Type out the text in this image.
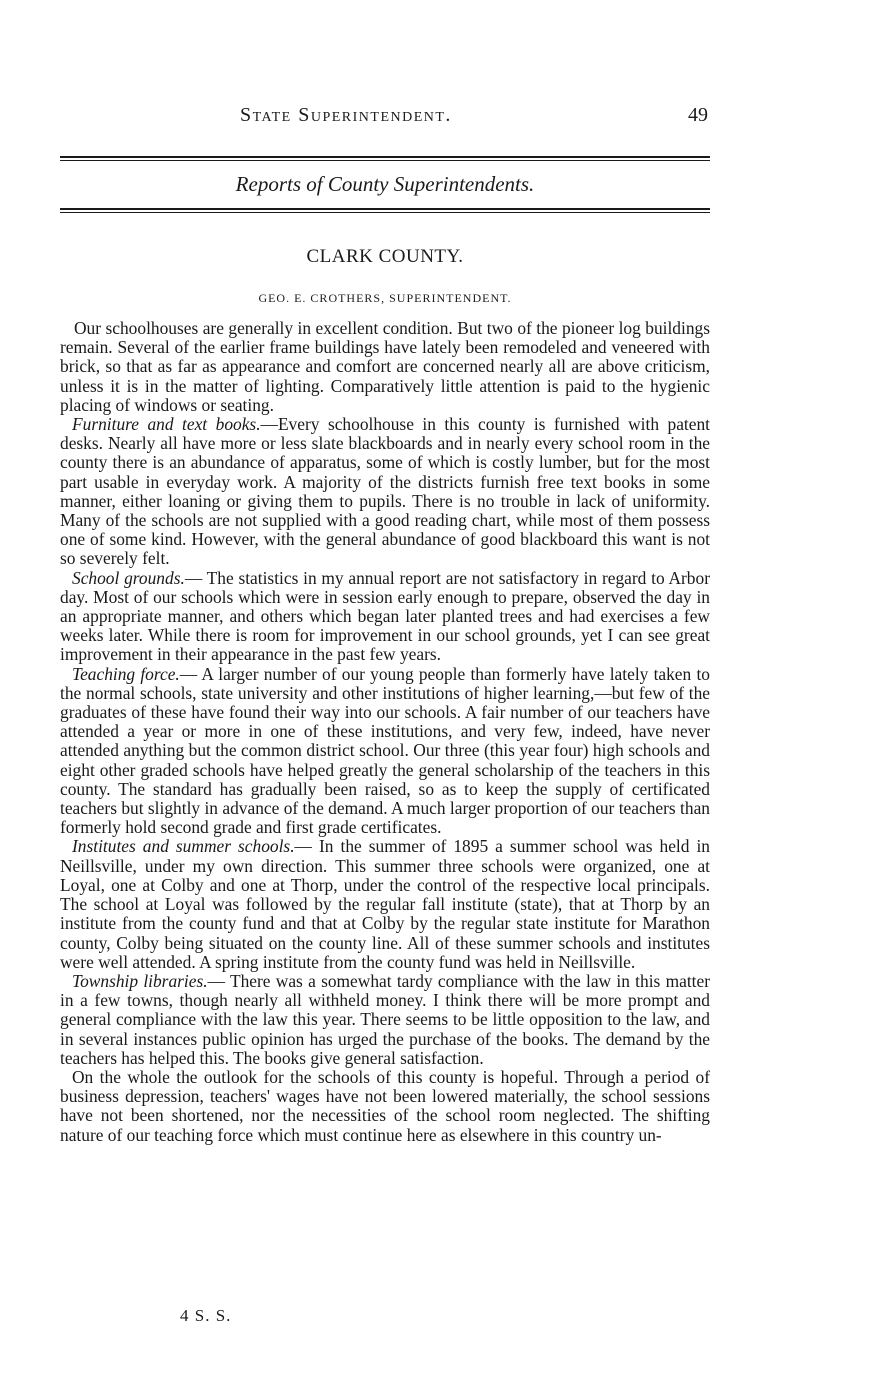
State Superintendent.	49
Reports of County Superintendents.
CLARK COUNTY.
GEO. E. CROTHERS, SUPERINTENDENT.

Our schoolhouses are generally in excellent condition. But two of the pioneer log buildings remain. Several of the earlier frame buildings have lately been remodeled and veneered with brick, so that as far as appearance and comfort are concerned nearly all are above criticism, unless it is in the matter of lighting. Comparatively little attention is paid to the hygienic placing of windows or seating.

Furniture and text books.—Every schoolhouse in this county is furnished with patent desks. Nearly all have more or less slate blackboards and in nearly every school room in the county there is an abundance of apparatus, some of which is costly lumber, but for the most part usable in everyday work. A majority of the districts furnish free text books in some manner, either loaning or giving them to pupils. There is no trouble in lack of uniformity. Many of the schools are not supplied with a good reading chart, while most of them possess one of some kind. However, with the general abundance of good blackboard this want is not so severely felt.

School grounds.— The statistics in my annual report are not satisfactory in regard to Arbor day. Most of our schools which were in session early enough to prepare, observed the day in an appropriate manner, and others which began later planted trees and had exercises a few weeks later. While there is room for improvement in our school grounds, yet I can see great improvement in their appearance in the past few years.

Teaching force.— A larger number of our young people than formerly have lately taken to the normal schools, state university and other institutions of higher learning,—but few of the graduates of these have found their way into our schools. A fair number of our teachers have attended a year or more in one of these institutions, and very few, indeed, have never attended anything but the common district school. Our three (this year four) high schools and eight other graded schools have helped greatly the general scholarship of the teachers in this county. The standard has gradually been raised, so as to keep the supply of certificated teachers but slightly in advance of the demand. A much larger proportion of our teachers than formerly hold second grade and first grade certificates.

Institutes and summer schools.— In the summer of 1895 a summer school was held in Neillsville, under my own direction. This summer three schools were organized, one at Loyal, one at Colby and one at Thorp, under the control of the respective local principals. The school at Loyal was followed by the regular fall institute (state), that at Thorp by an institute from the county fund and that at Colby by the regular state institute for Marathon county, Colby being situated on the county line. All of these summer schools and institutes were well attended. A spring institute from the county fund was held in Neillsville.

Township libraries.— There was a somewhat tardy compliance with the law in this matter in a few towns, though nearly all withheld money. I think there will be more prompt and general compliance with the law this year. There seems to be little opposition to the law, and in several instances public opinion has urged the purchase of the books. The demand by the teachers has helped this. The books give general satisfaction.

On the whole the outlook for the schools of this county is hopeful. Through a period of business depression, teachers' wages have not been lowered materially, the school sessions have not been shortened, nor the necessities of the school room neglected. The shifting nature of our teaching force which must continue here as elsewhere in this country un-

4 S. S.
